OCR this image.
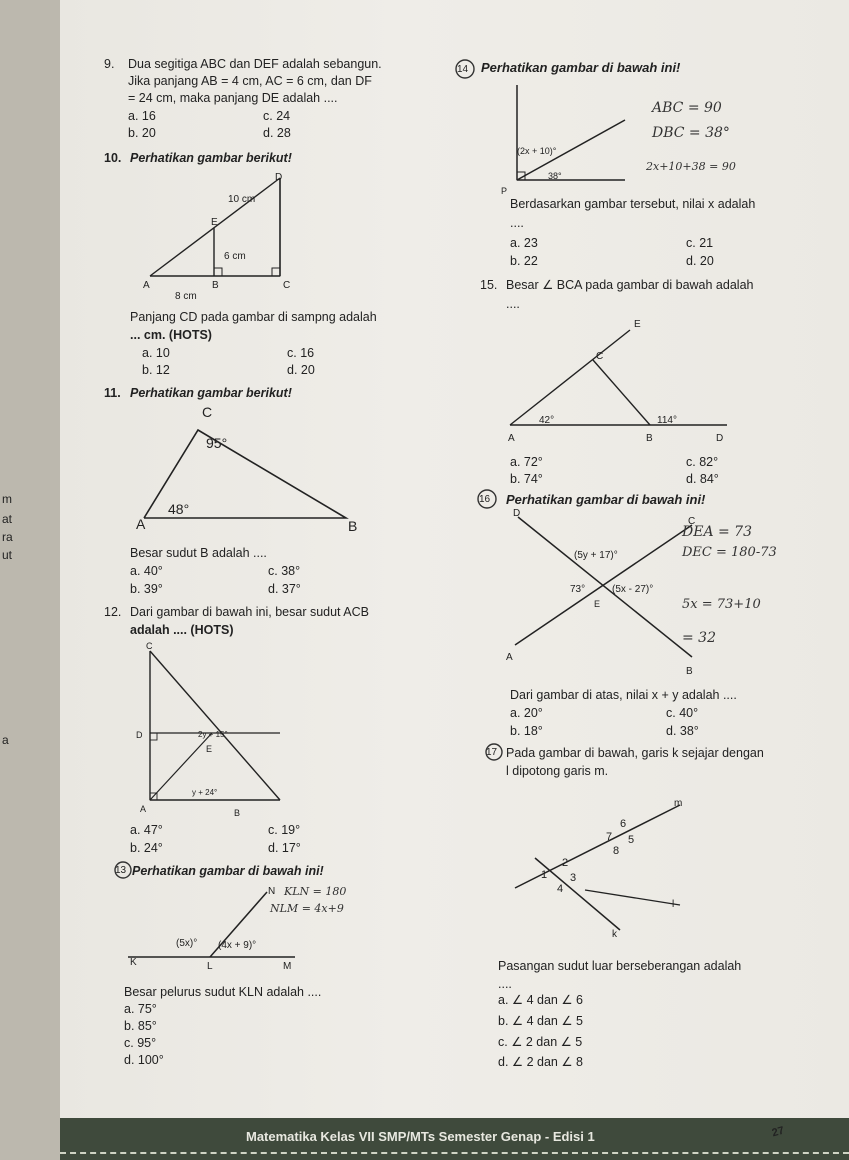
m
at
ra
ut
a
9. Dua segitiga ABC dan DEF adalah sebangun.
Jika panjang AB = 4 cm, AC = 6 cm, dan DF
= 24 cm, maka panjang DE adalah ....
a. 16	c. 24
b. 20	d. 28
10. Perhatikan gambar berikut!
D
E
A	B	C
10 cm
6 cm
8 cm
Panjang CD pada gambar di sampng adalah
... cm. (HOTS)
a. 10	c. 16
b. 12	d. 20
11. Perhatikan gambar berikut!
C
A	B
95°
48°
Besar sudut B adalah ....
a. 40°	c. 38°
b. 39°	d. 37°
12. Dari gambar di bawah ini, besar sudut ACB
adalah .... (HOTS)
C
D
E
A	B
2y + 15°
y + 24°
a. 47°	c. 19°
b. 24°	d. 17°
13 Perhatikan gambar di bawah ini!
N
K	L	M
(5x)° (4x + 9)°
KLN = 180
NLM = 4x+9
Besar pelurus sudut KLN adalah ....
a. 75°
b. 85°
c. 95°
d. 100°
14 Perhatikan gambar di bawah ini!
(2x + 10)°
38°
P
ABC = 90
DBC = 38°
2x+10+38 = 90
Berdasarkan gambar tersebut, nilai x adalah
....
a. 23	c. 21
b. 22	d. 20
15. Besar ∠ BCA pada gambar di bawah adalah
....
E
C
A	B	D
42°	114°
a. 72°	c. 82°
b. 74°	d. 84°
16 Perhatikan gambar di bawah ini!
D
C
E
A
B
(5y + 17)°
(5x - 27)°
73°
DEA = 73
DEC = 180-73
5x = 73+10
= 32
Dari gambar di atas, nilai x + y adalah ....
a. 20°	c. 40°
b. 18°	d. 38°
17 Pada gambar di bawah, garis k sejajar dengan
l dipotong garis m.
m
k
l
1
2
3
4
5
6
7
8
Pasangan sudut luar berseberangan adalah
....
a. ∠ 4 dan ∠ 6
b. ∠ 4 dan ∠ 5
c. ∠ 2 dan ∠ 5
d. ∠ 2 dan ∠ 8
Matematika Kelas VII SMP/MTs Semester Genap - Edisi 1	27
